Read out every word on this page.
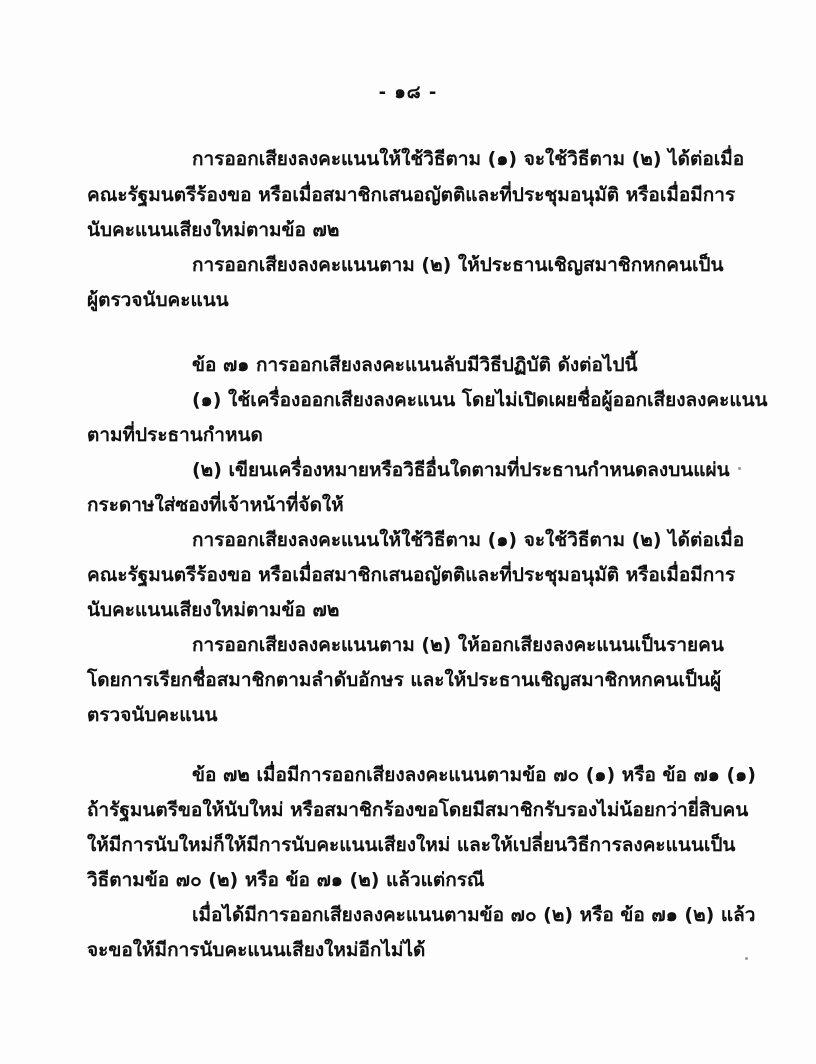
- ๑๘ -
การออกเสียงลงคะแนนให้ใช้วิธีตาม (๑) จะใช้วิธีตาม (๒) ได้ต่อเมื่อ
คณะรัฐมนตรีร้องขอ หรือเมื่อสมาชิกเสนอญัตติและที่ประชุมอนุมัติ หรือเมื่อมีการ
นับคะแนนเสียงใหม่ตามข้อ ๗๒
การออกเสียงลงคะแนนตาม (๒) ให้ประธานเชิญสมาชิกหกคนเป็น
ผู้ตรวจนับคะแนน
ข้อ ๗๑ การออกเสียงลงคะแนนลับมีวิธีปฏิบัติ ดังต่อไปนี้
(๑) ใช้เครื่องออกเสียงลงคะแนน โดยไม่เปิดเผยชื่อผู้ออกเสียงลงคะแนน
ตามที่ประธานกำหนด
(๒) เขียนเครื่องหมายหรือวิธีอื่นใดตามที่ประธานกำหนดลงบนแผ่น
กระดาษใส่ซองที่เจ้าหน้าที่จัดให้
การออกเสียงลงคะแนนให้ใช้วิธีตาม (๑) จะใช้วิธีตาม (๒) ได้ต่อเมื่อ
คณะรัฐมนตรีร้องขอ หรือเมื่อสมาชิกเสนอญัตติและที่ประชุมอนุมัติ หรือเมื่อมีการ
นับคะแนนเสียงใหม่ตามข้อ ๗๒
การออกเสียงลงคะแนนตาม (๒) ให้ออกเสียงลงคะแนนเป็นรายคน
โดยการเรียกชื่อสมาชิกตามลำดับอักษร และให้ประธานเชิญสมาชิกหกคนเป็นผู้
ตรวจนับคะแนน
ข้อ ๗๒ เมื่อมีการออกเสียงลงคะแนนตามข้อ ๗๐ (๑) หรือ ข้อ ๗๑ (๑)
ถ้ารัฐมนตรีขอให้นับใหม่ หรือสมาชิกร้องขอโดยมีสมาชิกรับรองไม่น้อยกว่ายี่สิบคน
ให้มีการนับใหม่ก็ให้มีการนับคะแนนเสียงใหม่ และให้เปลี่ยนวิธีการลงคะแนนเป็น
วิธีตามข้อ ๗๐ (๒) หรือ ข้อ ๗๑ (๒) แล้วแต่กรณี
เมื่อได้มีการออกเสียงลงคะแนนตามข้อ ๗๐ (๒) หรือ ข้อ ๗๑ (๒) แล้ว
จะขอให้มีการนับคะแนนเสียงใหม่อีกไม่ได้
